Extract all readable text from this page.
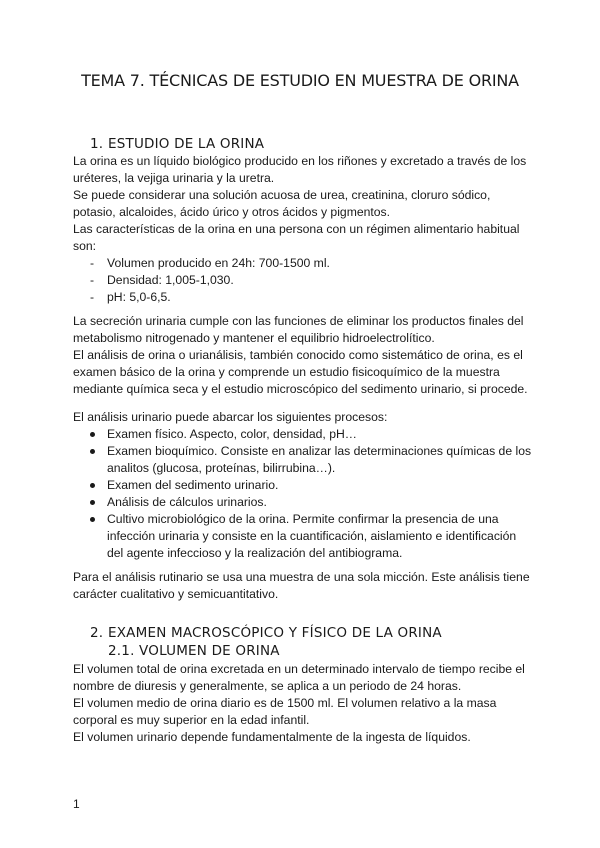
TEMA 7. TÉCNICAS DE ESTUDIO EN MUESTRA DE ORINA
1. ESTUDIO DE LA ORINA

La orina es un líquido biológico producido en los riñones y excretado a través de los uréteres, la vejiga urinaria y la uretra.

Se puede considerar una solución acuosa de urea, creatinina, cloruro sódico, potasio, alcaloides, ácido úrico y otros ácidos y pigmentos.

Las características de la orina en una persona con un régimen alimentario habitual son:

- Volumen producido en 24h: 700-1500 ml.
- Densidad: 1,005-1,030.
- pH: 5,0-6,5.

La secreción urinaria cumple con las funciones de eliminar los productos finales del metabolismo nitrogenado y mantener el equilibrio hidroelectrolítico.

El análisis de orina o urianálisis, también conocido como sistemático de orina, es el examen básico de la orina y comprende un estudio fisicoquímico de la muestra mediante química seca y el estudio microscópico del sedimento urinario, si procede.

El análisis urinario puede abarcar los siguientes procesos:

Examen físico. Aspecto, color, densidad, pH…
Examen bioquímico. Consiste en analizar las determinaciones químicas de los analitos (glucosa, proteínas, bilirrubina…).
Examen del sedimento urinario.
Análisis de cálculos urinarios.
Cultivo microbiológico de la orina. Permite confirmar la presencia de una infección urinaria y consiste en la cuantificación, aislamiento e identificación del agente infeccioso y la realización del antibiograma.

Para el análisis rutinario se usa una muestra de una sola micción. Este análisis tiene carácter cualitativo y semicuantitativo.

2. EXAMEN MACROSCÓPICO Y FÍSICO DE LA ORINA
2.1. VOLUMEN DE ORINA

El volumen total de orina excretada en un determinado intervalo de tiempo recibe el nombre de diuresis y generalmente, se aplica a un periodo de 24 horas.

El volumen medio de orina diario es de 1500 ml. El volumen relativo a la masa corporal es muy superior en la edad infantil.

El volumen urinario depende fundamentalmente de la ingesta de líquidos.

1
